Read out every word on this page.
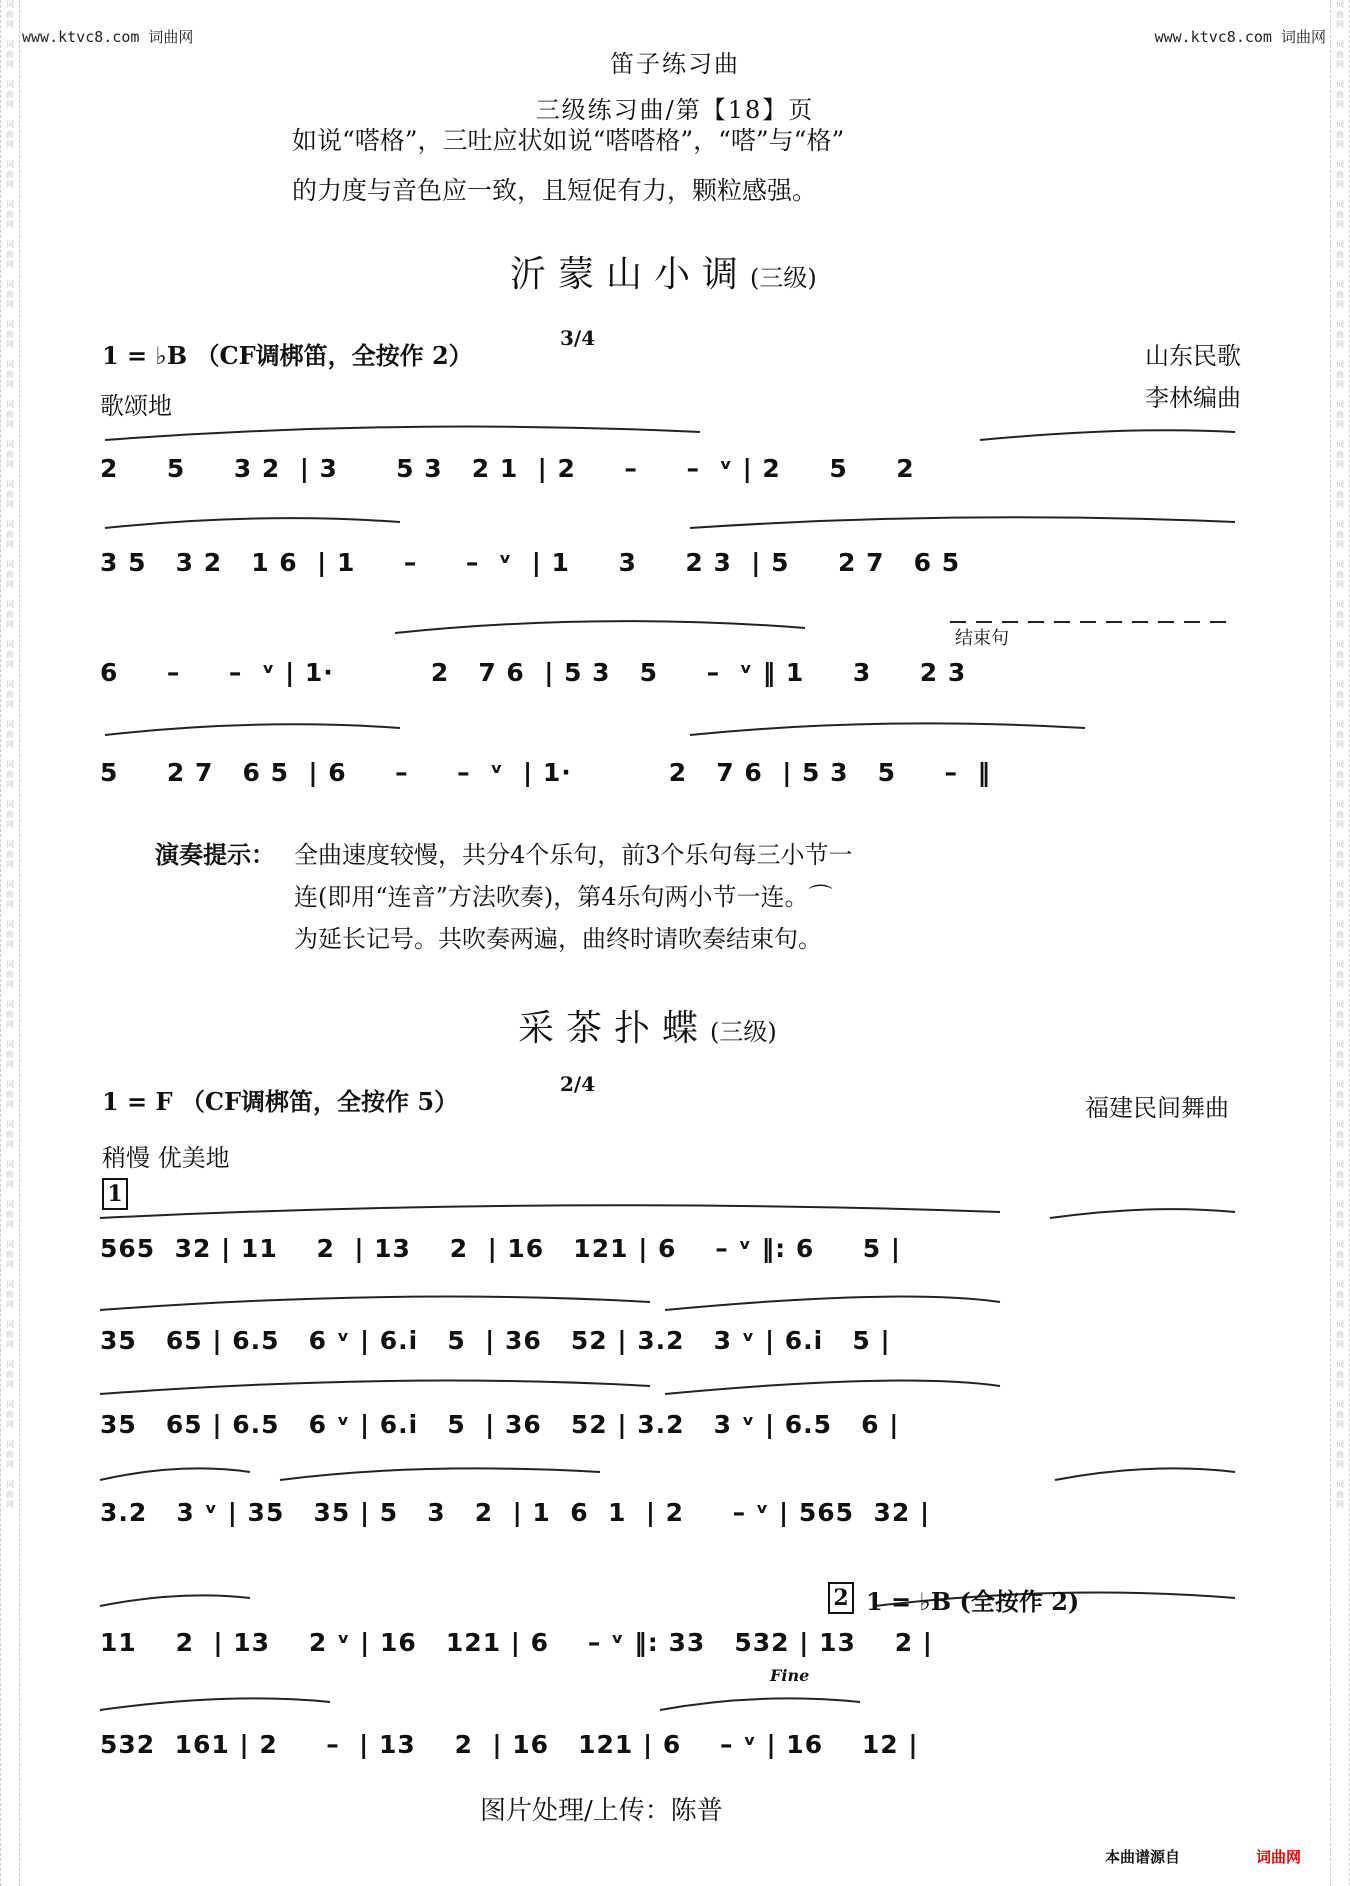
词
曲
网

词
曲
网

词
曲
网

词
曲
网

词
曲
网

词
曲
网

词
曲
网

词
曲
网

词
曲
网

词
曲
网

词
曲
网

词
曲
网

词
曲
网

词
曲
网

词
曲
网

词
曲
网

词
曲
网

词
曲
网

词
曲
网

词
曲
网

词
曲
网

词
曲
网

词
曲
网

词
曲
网

词
曲
网

词
曲
网

词
曲
网

词
曲
网

词
曲
网

词
曲
网

词
曲
网

词
曲
网

词
曲
网

词
曲
网

词
曲
网

词
曲
网

词
曲
网

词
曲
网

词
曲
网

词
曲
网

词
曲
网

词
曲
网

词
曲
网

词
曲
网

词
曲
网

词
曲
网

词
曲
网

词
曲
网

词
曲
网

词
曲
网

词
曲
网

词
曲
网

词
曲
网

词
曲
网

词
曲
网

词
曲
网

词
曲
网

词
曲
网

词
曲
网

词
曲
网

词
曲
网

词
曲
网

词
曲
网

词
曲
网

词
曲
网

词
曲
网

词
曲
网

词
曲
网

词
曲
网

词
曲
网

词
曲
网

词
曲
网

词
曲
网

词
曲
网

词
曲
网

词
曲
网

www.ktvc8.com 词曲网	www.ktvc8.com 词曲网
笛子练习曲
三级练习曲/第【18】页
如说“嗒格”，三吐应状如说“嗒嗒格”，“嗒”与“格”
的力度与音色应一致，且短促有力，颗粒感强。
沂蒙山小调(三级)
1 = ♭B （CF调梆笛，全按作 2）
3/4
歌颂地
山东民歌
李林编曲
结束句
2     5     3 2  | 3      5 3   2 1  | 2     –     –  ᵛ | 2     5     2
3 5   3 2   1 6  | 1     –     –  ᵛ  | 1     3     2 3  | 5     2 7   6 5
6     –     –  ᵛ | 1·          2   7 6  | 5 3   5     –  ᵛ ‖ 1     3     2 3
5     2 7   6 5  | 6     –     –  ᵛ  | 1·          2   7 6  | 5 3   5     –  ‖
演奏提示： 全曲速度较慢，共分4个乐句，前3个乐句每三小节一
连(即用“连音”方法吹奏)，第4乐句两小节一连。⌒
为延长记号。共吹奏两遍，曲终时请吹奏结束句。
采茶扑蝶(三级)
1 = F （CF调梆笛，全按作 5）
2/4
福建民间舞曲
稍慢 优美地
1
565  32 | 11    2  | 13    2  | 16   121 | 6    – ᵛ ‖: 6     5 |
35   65 | 6.5   6 ᵛ | 6.i   5  | 36   52 | 3.2   3 ᵛ | 6.i   5 |
35   65 | 6.5   6 ᵛ | 6.i   5  | 36   52 | 3.2   3 ᵛ | 6.5   6 |
3.2   3 ᵛ | 35   35 | 5   3   2  | 1  6  1  | 2     – ᵛ | 565  32 |
2 1 = ♭B (全按作 2)
11    2  | 13    2 ᵛ | 16   121 | 6    – ᵛ ‖: 33   532 | 13    2 |
Fine
532  161 | 2     –  | 13    2  | 16   121 | 6    – ᵛ | 16    12 |
图片处理/上传：陈普
本曲谱源自	词曲网
